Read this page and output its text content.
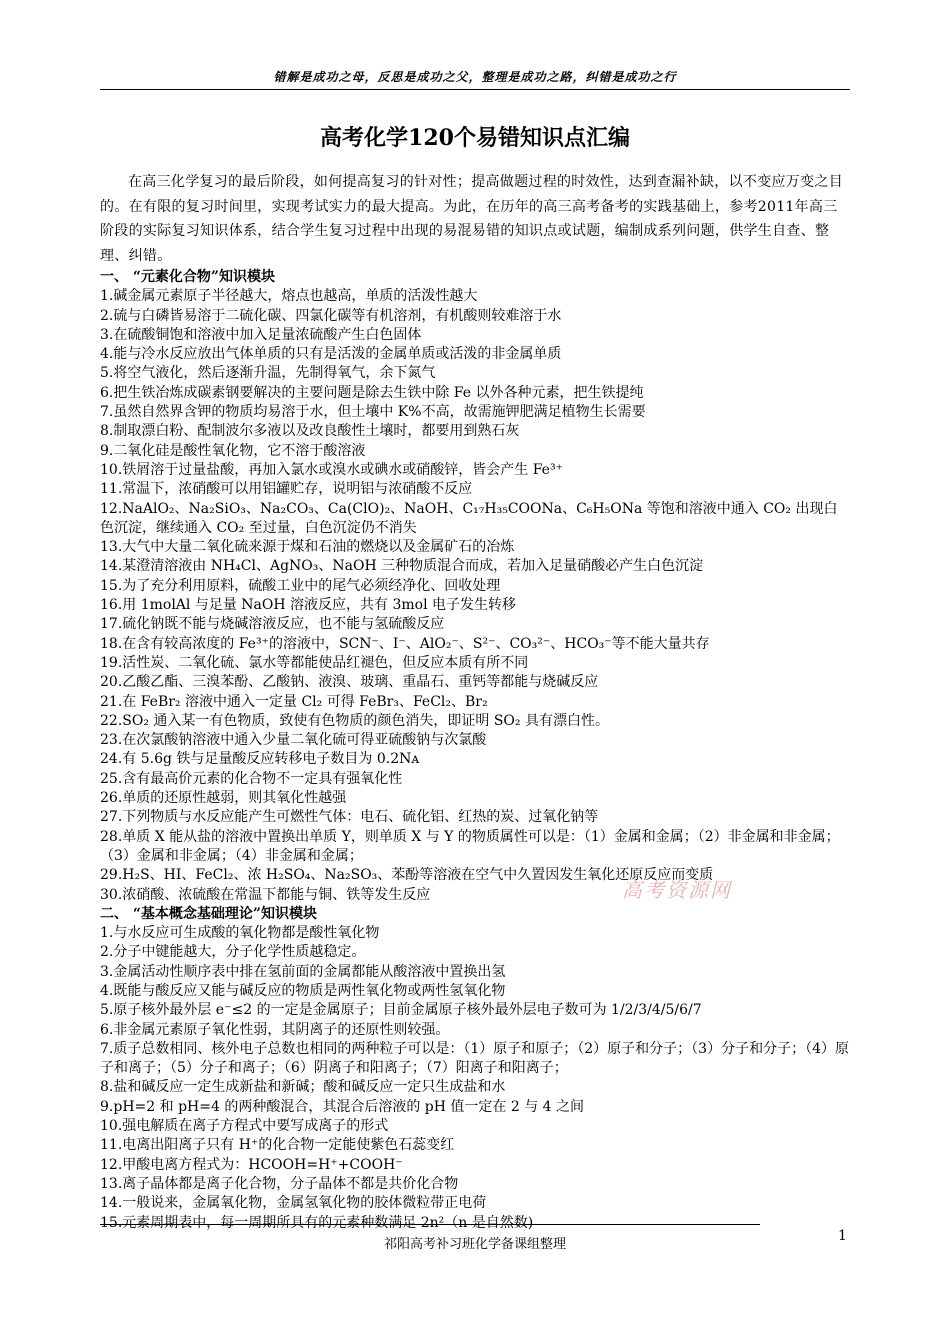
错解是成功之母，反思是成功之父，整理是成功之路，纠错是成功之行
高考化学120个易错知识点汇编

在高三化学复习的最后阶段，如何提高复习的针对性；提高做题过程的时效性，达到查漏补缺，以不变应万变之目的。在有限的复习时间里，实现考试实力的最大提高。为此，在历年的高三高考备考的实践基础上，参考2011年高三阶段的实际复习知识体系，结合学生复习过程中出现的易混易错的知识点或试题，编制成系列问题，供学生自查、整理、纠错。

一、 “元素化合物”知识模块

1.碱金属元素原子半径越大，熔点也越高，单质的活泼性越大

2.硫与白磷皆易溶于二硫化碳、四氯化碳等有机溶剂，有机酸则较难溶于水

3.在硫酸铜饱和溶液中加入足量浓硫酸产生白色固体

4.能与冷水反应放出气体单质的只有是活泼的金属单质或活泼的非金属单质

5.将空气液化，然后逐渐升温，先制得氧气，余下氮气

6.把生铁冶炼成碳素钢要解决的主要问题是除去生铁中除 Fe 以外各种元素，把生铁提纯

7.虽然自然界含钾的物质均易溶于水，但土壤中 K%不高，故需施钾肥满足植物生长需要

8.制取漂白粉、配制波尔多液以及改良酸性土壤时，都要用到熟石灰

9.二氧化硅是酸性氧化物，它不溶于酸溶液

10.铁屑溶于过量盐酸，再加入氯水或溴水或碘水或硝酸锌，皆会产生 Fe³⁺

11.常温下，浓硝酸可以用铝罐贮存，说明铝与浓硝酸不反应

12.NaAlO₂、Na₂SiO₃、Na₂CO₃、Ca(ClO)₂、NaOH、C₁₇H₃₅COONa、C₆H₅ONa 等饱和溶液中通入 CO₂ 出现白色沉淀，继续通入 CO₂ 至过量，白色沉淀仍不消失

13.大气中大量二氧化硫来源于煤和石油的燃烧以及金属矿石的冶炼

14.某澄清溶液由 NH₄Cl、AgNO₃、NaOH 三种物质混合而成，若加入足量硝酸必产生白色沉淀

15.为了充分利用原料，硫酸工业中的尾气必须经净化、回收处理

16.用 1molAl 与足量 NaOH 溶液反应，共有 3mol 电子发生转移

17.硫化钠既不能与烧碱溶液反应，也不能与氢硫酸反应

18.在含有较高浓度的 Fe³⁺的溶液中，SCN⁻、I⁻、AlO₂⁻、S²⁻、CO₃²⁻、HCO₃⁻等不能大量共存

19.活性炭、二氧化硫、氯水等都能使品红褪色，但反应本质有所不同

20.乙酸乙酯、三溴苯酚、乙酸钠、液溴、玻璃、重晶石、重钙等都能与烧碱反应

21.在 FeBr₂ 溶液中通入一定量 Cl₂ 可得 FeBr₃、FeCl₂、Br₂

22.SO₂ 通入某一有色物质，致使有色物质的颜色消失，即证明 SO₂ 具有漂白性。

23.在次氯酸钠溶液中通入少量二氧化硫可得亚硫酸钠与次氯酸

24.有 5.6g 铁与足量酸反应转移电子数目为 0.2Nᴀ

25.含有最高价元素的化合物不一定具有强氧化性

26.单质的还原性越弱，则其氧化性越强

27.下列物质与水反应能产生可燃性气体：电石、硫化铝、红热的炭、过氧化钠等

28.单质 X 能从盐的溶液中置换出单质 Y，则单质 X 与 Y 的物质属性可以是：（1）金属和金属；（2）非金属和非金属；（3）金属和非金属；（4）非金属和金属；

29.H₂S、HI、FeCl₂、浓 H₂SO₄、Na₂SO₃、苯酚等溶液在空气中久置因发生氧化还原反应而变质

30.浓硝酸、浓硫酸在常温下都能与铜、铁等发生反应

二、 “基本概念基础理论”知识模块

1.与水反应可生成酸的氧化物都是酸性氧化物

2.分子中键能越大，分子化学性质越稳定。

3.金属活动性顺序表中排在氢前面的金属都能从酸溶液中置换出氢

4.既能与酸反应又能与碱反应的物质是两性氧化物或两性氢氧化物

5.原子核外最外层 e⁻≤2 的一定是金属原子；目前金属原子核外最外层电子数可为 1/2/3/4/5/6/7

6.非金属元素原子氧化性弱，其阴离子的还原性则较强。

7.质子总数相同、核外电子总数也相同的两种粒子可以是：（1）原子和原子；（2）原子和分子；（3）分子和分子；（4）原子和离子；（5）分子和离子；（6）阴离子和阳离子；（7）阳离子和阳离子；

8.盐和碱反应一定生成新盐和新碱；酸和碱反应一定只生成盐和水

9.pH=2 和 pH=4 的两种酸混合，其混合后溶液的 pH 值一定在 2 与 4 之间

10.强电解质在离子方程式中要写成离子的形式

11.电离出阳离子只有 H⁺的化合物一定能使紫色石蕊变红

12.甲酸电离方程式为：HCOOH=H⁺+COOH⁻

13.离子晶体都是离子化合物，分子晶体不都是共价化合物

14.一般说来，金属氧化物，金属氢氧化物的胶体微粒带正电荷

15.元素周期表中，每一周期所具有的元素种数满足 2n²（n 是自然数)

高考资源网
祁阳高考补习班化学备课组整理
1
